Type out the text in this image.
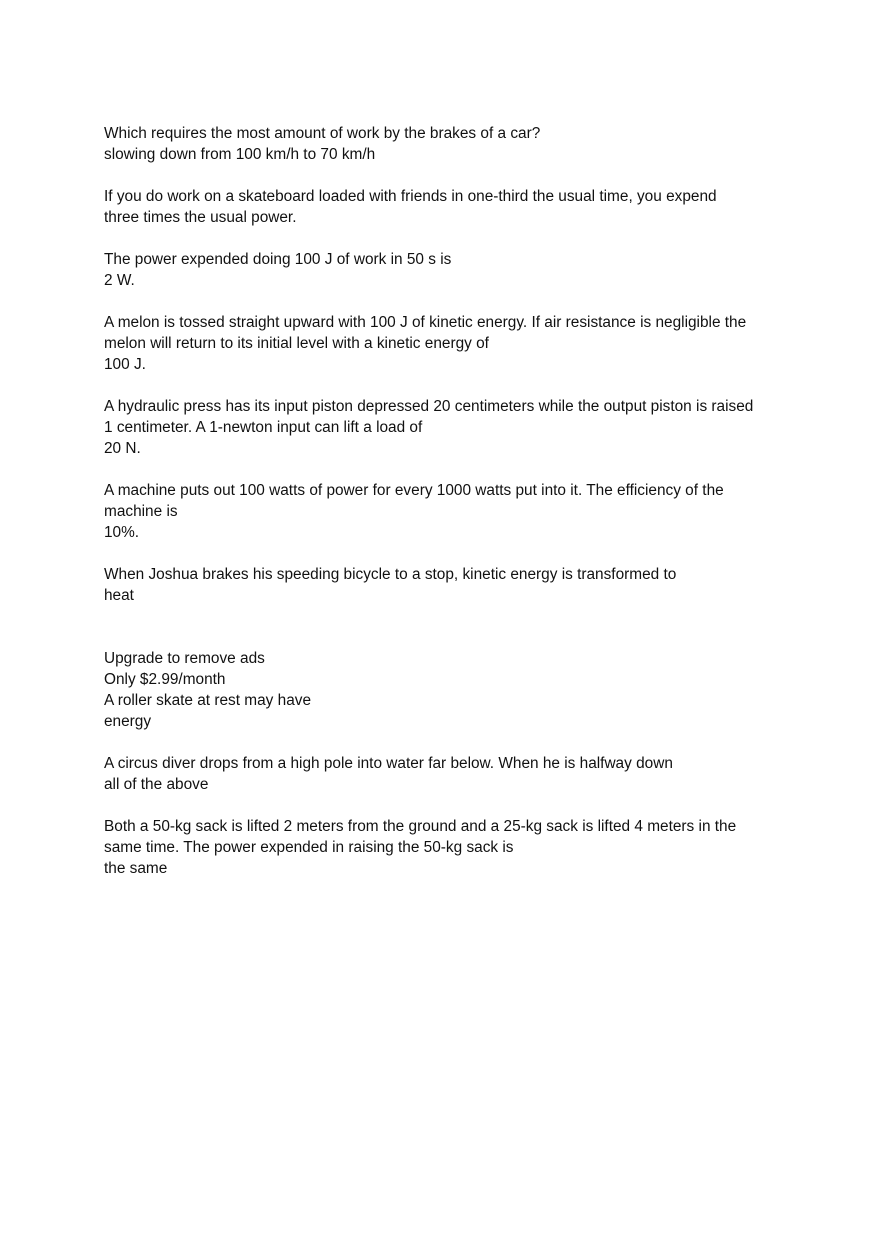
Which requires the most amount of work by the brakes of a car?
slowing down from 100 km/h to 70 km/h
If you do work on a skateboard loaded with friends in one-third the usual time, you expend
three times the usual power.
The power expended doing 100 J of work in 50 s is
2 W.
A melon is tossed straight upward with 100 J of kinetic energy. If air resistance is negligible the
melon will return to its initial level with a kinetic energy of
100 J.
A hydraulic press has its input piston depressed 20 centimeters while the output piston is raised
1 centimeter. A 1-newton input can lift a load of
20 N.
A machine puts out 100 watts of power for every 1000 watts put into it. The efficiency of the
machine is
10%.
When Joshua brakes his speeding bicycle to a stop, kinetic energy is transformed to
heat
Upgrade to remove ads
Only $2.99/month
A roller skate at rest may have
energy
A circus diver drops from a high pole into water far below. When he is halfway down
all of the above
Both a 50-kg sack is lifted 2 meters from the ground and a 25-kg sack is lifted 4 meters in the
same time. The power expended in raising the 50-kg sack is
the same
